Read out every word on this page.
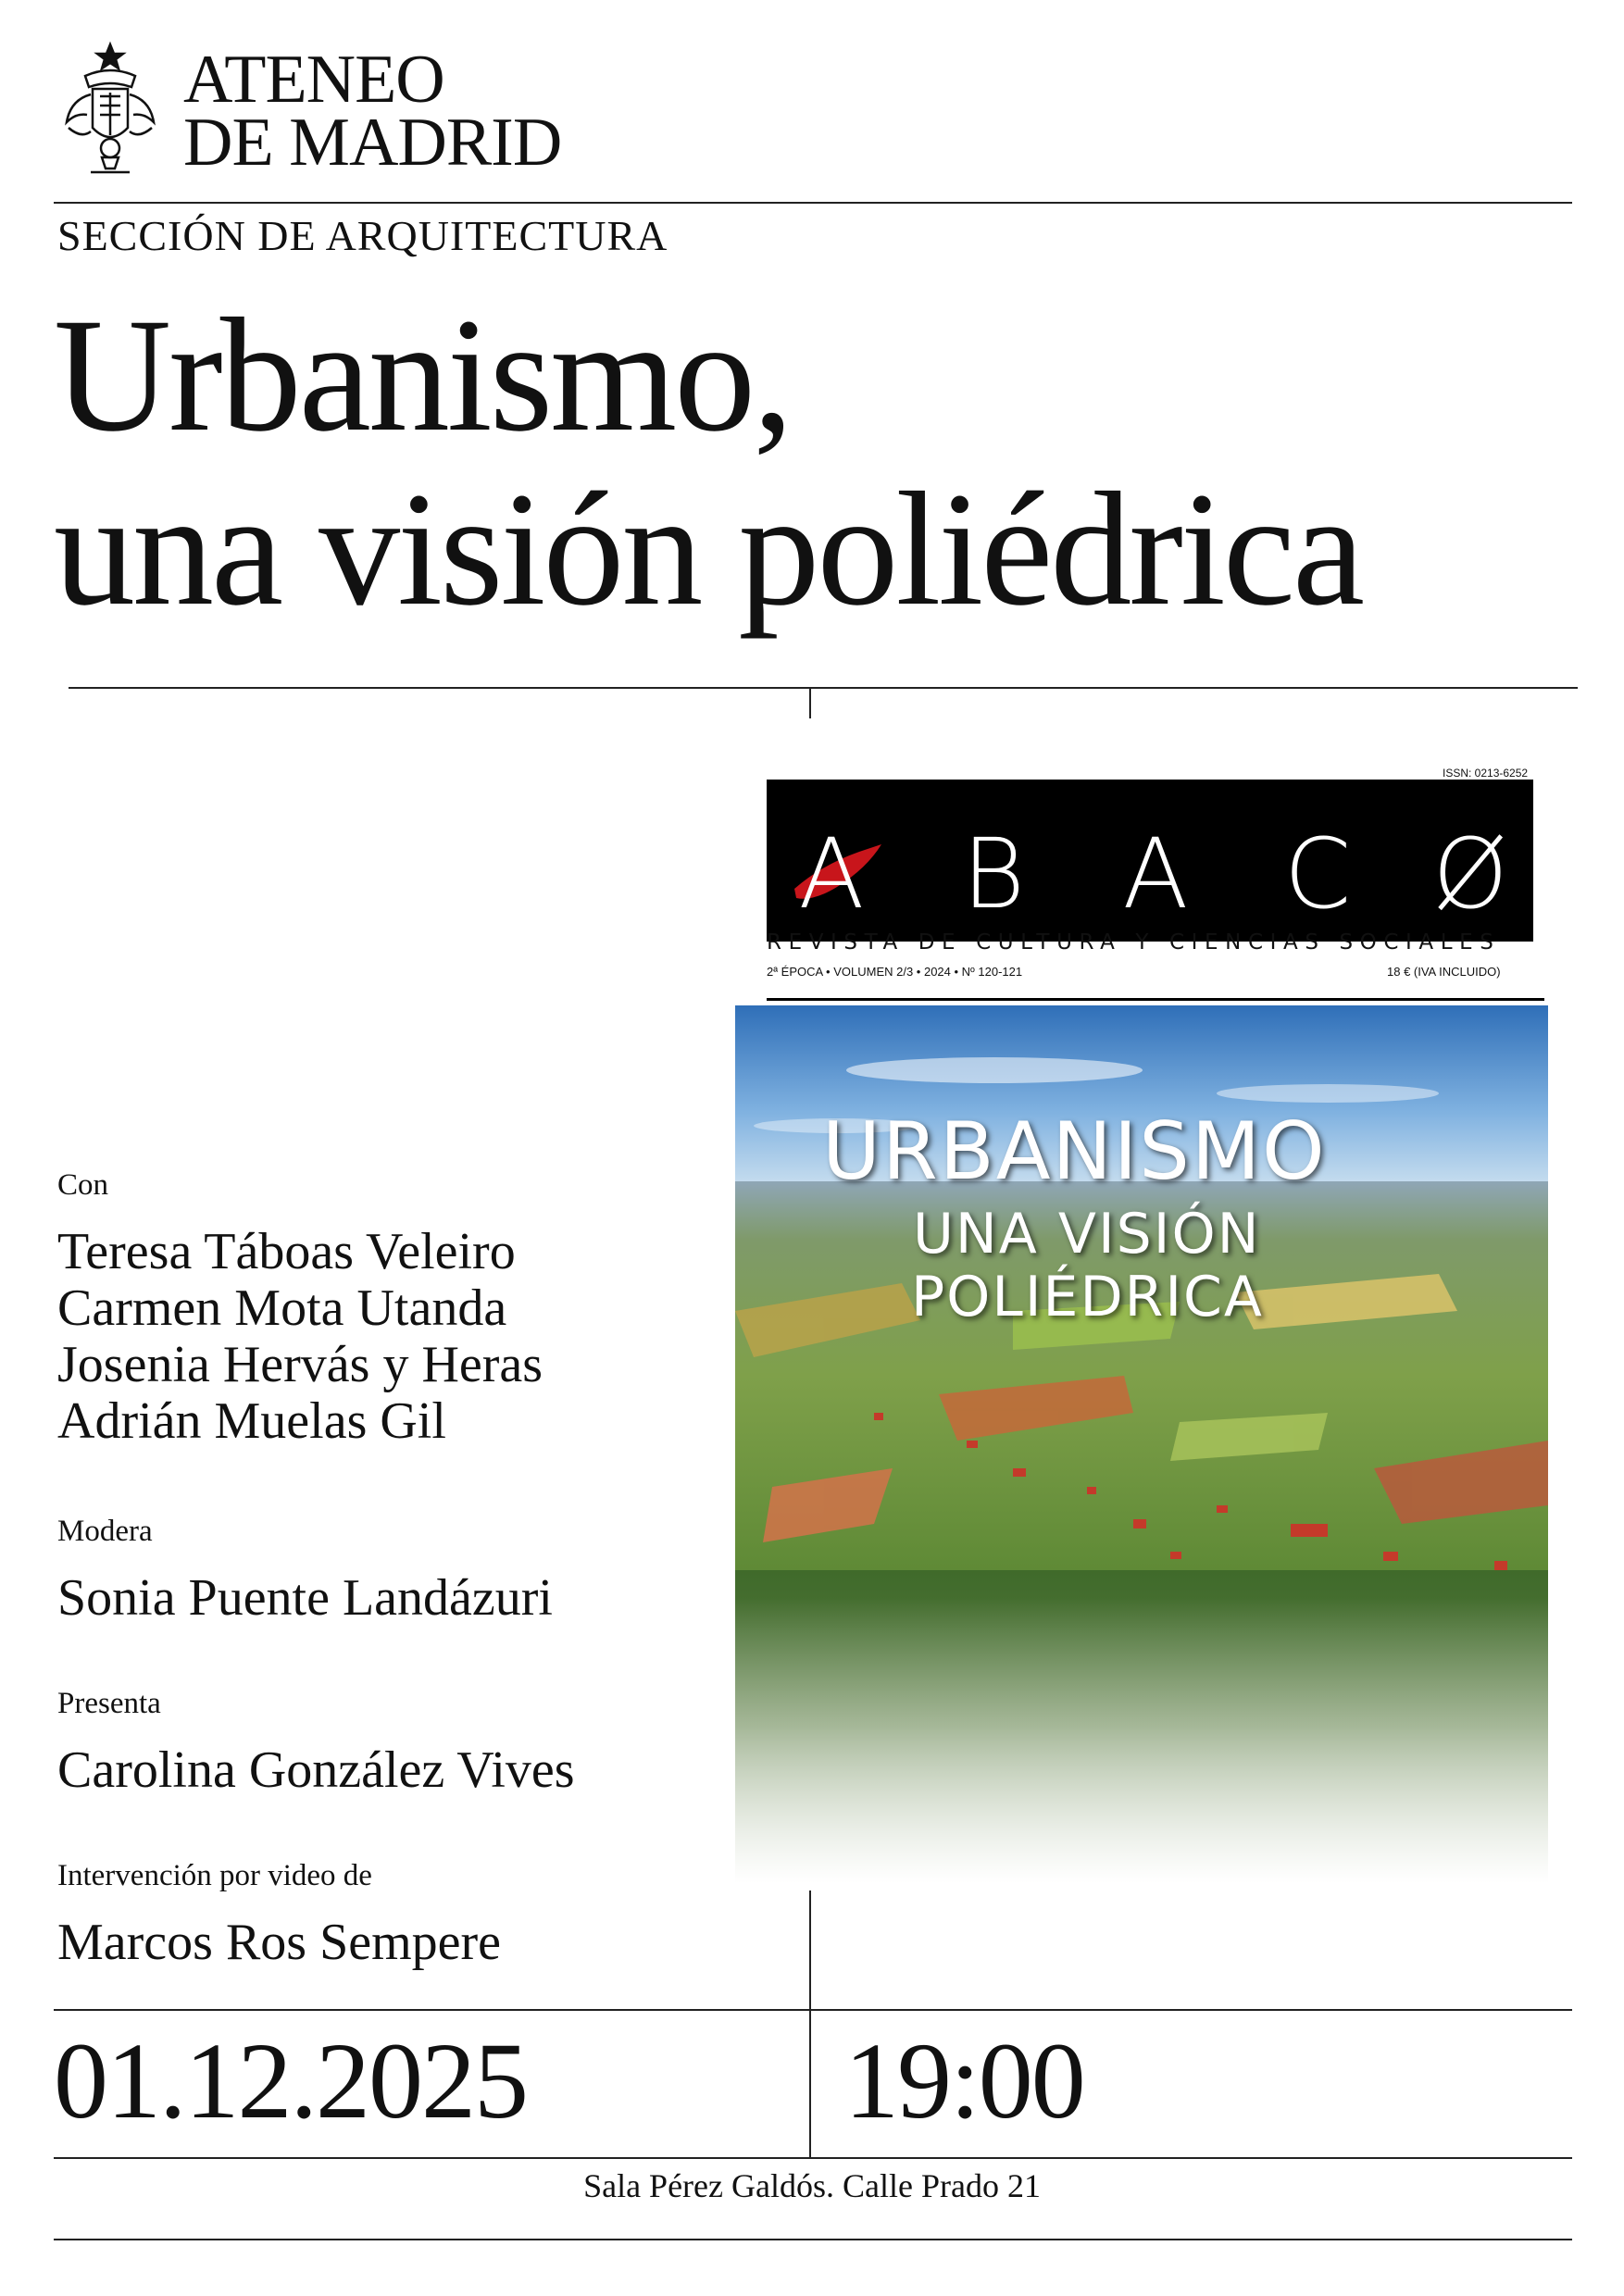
ATENEO
DE MADRID
SECCIÓN DE ARQUITECTURA
Urbanismo,
una visión poliédrica
Con
Teresa Táboas Veleiro
Carmen Mota Utanda
Josenia Hervás y Heras
Adrián Muelas Gil
Modera
Sonia Puente Landázuri
Presenta
Carolina González Vives
Intervención por video de
Marcos Ros Sempere
ISSN: 0213-6252
A B A C Ø
REVISTA DE CULTURA Y CIENCIAS SOCIALES
2ª ÉPOCA • VOLUMEN 2/3 • 2024 • Nº 120-121	18 € (IVA INCLUIDO)
URBANISMO
UNA VISIÓN
POLIÉDRICA
01.12.2025	19:00
Sala Pérez Galdós. Calle Prado 21
